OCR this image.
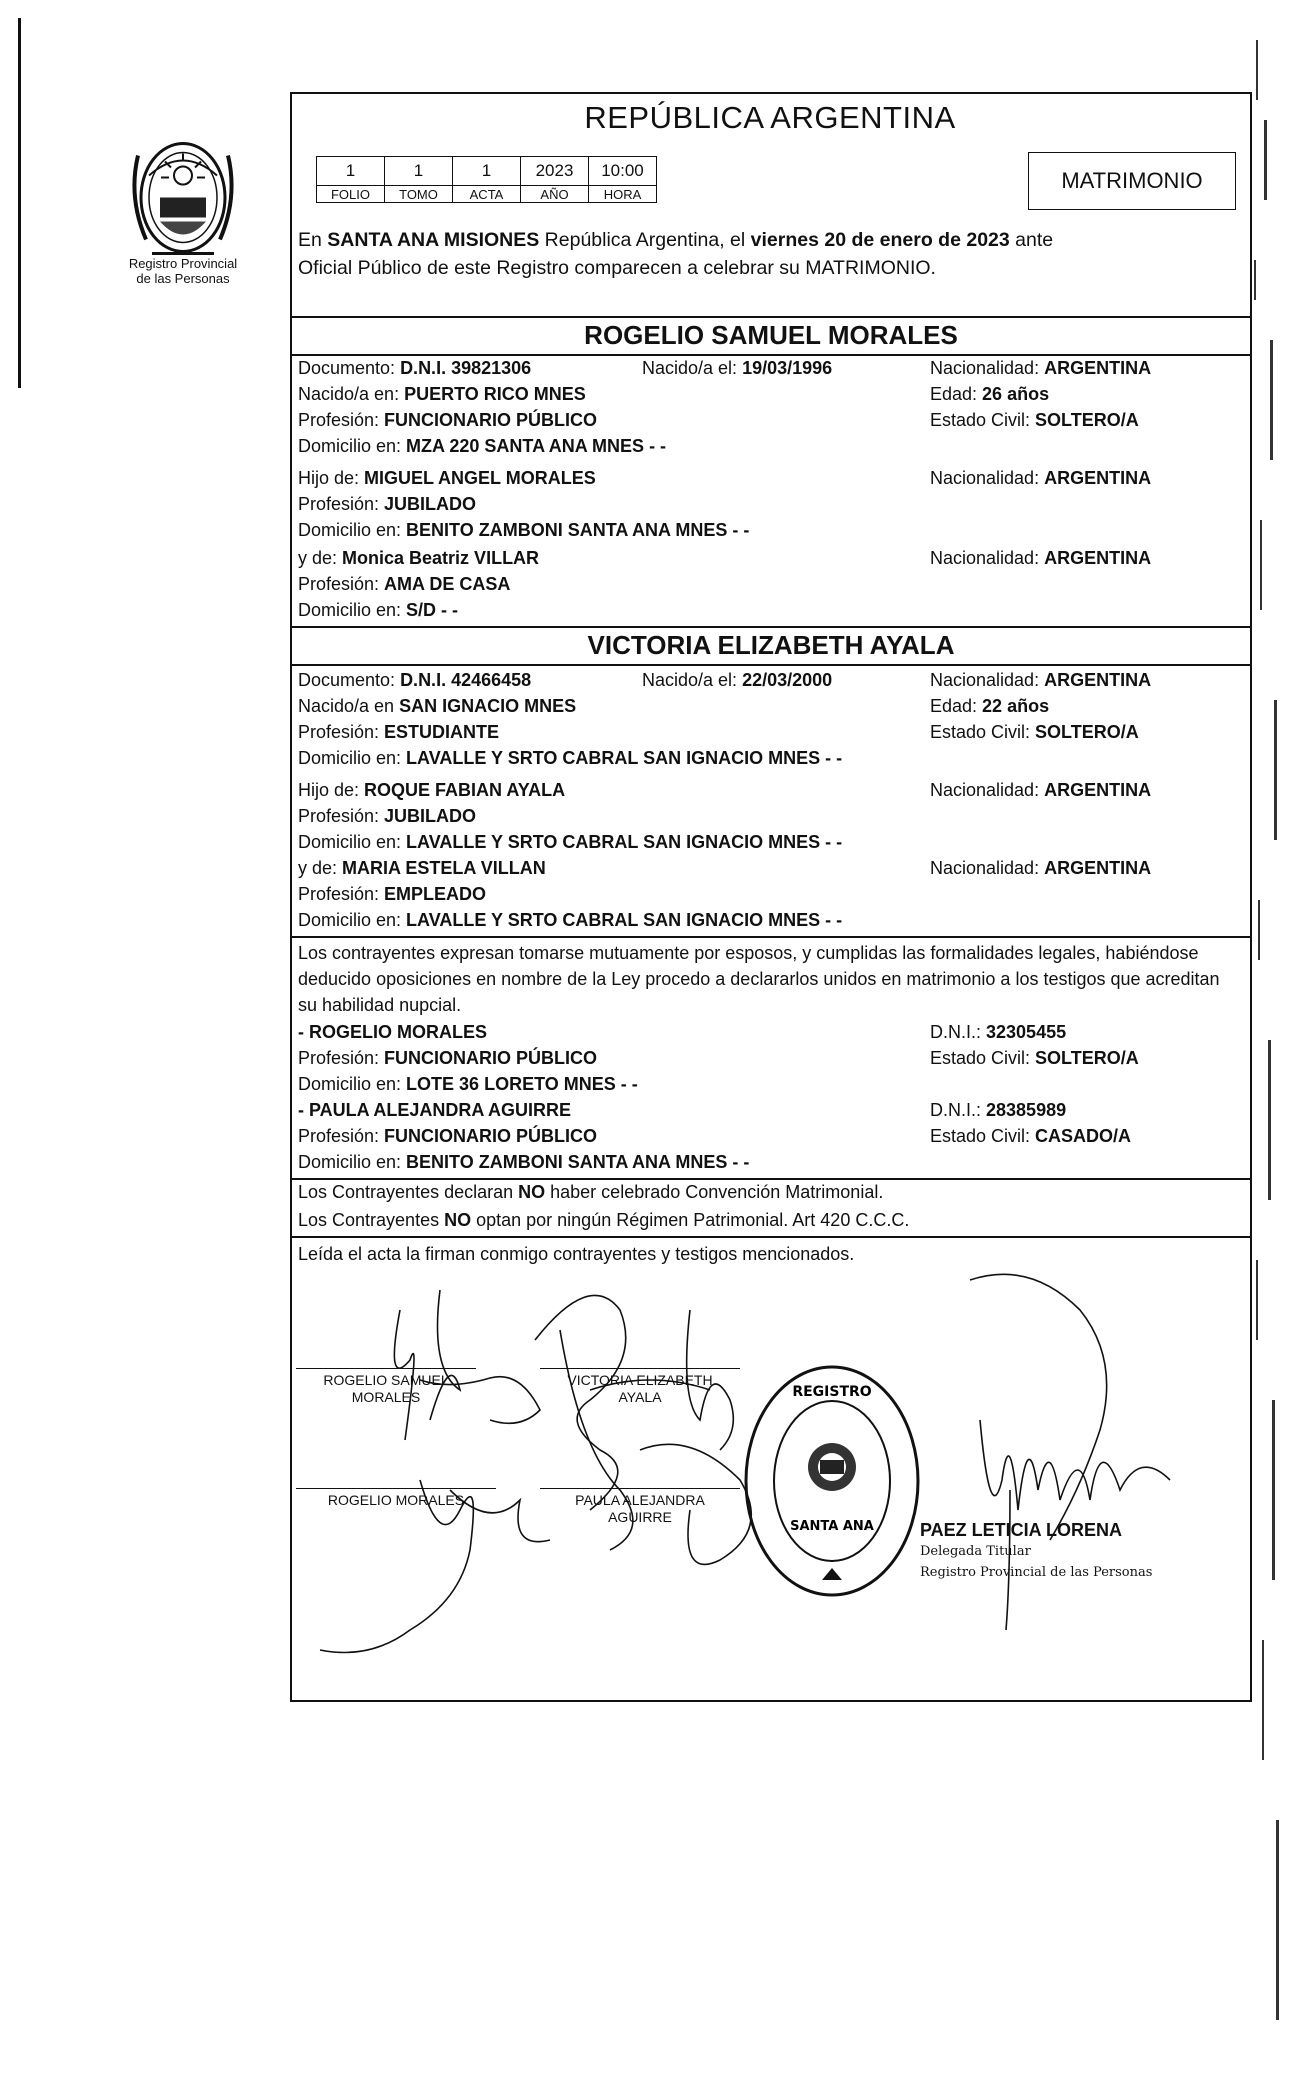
Registro Provincial
de las Personas
REPÚBLICA ARGENTINA
1	1	1	2023	10:00
FOLIO	TOMO	ACTA	AÑO	HORA
MATRIMONIO
En SANTA ANA MISIONES República Argentina, el viernes 20 de enero de 2023 ante
Oficial Público de este Registro comparecen a celebrar su MATRIMONIO.
ROGELIO SAMUEL MORALES
Documento: D.N.I. 39821306	Nacido/a el: 19/03/1996	Nacionalidad: ARGENTINA
Nacido/a en: PUERTO RICO MNES	Edad: 26 años
Profesión: FUNCIONARIO PÚBLICO	Estado Civil: SOLTERO/A
Domicilio en: MZA 220 SANTA ANA MNES - -
Hijo de: MIGUEL ANGEL MORALES	Nacionalidad: ARGENTINA
Profesión: JUBILADO
Domicilio en: BENITO ZAMBONI SANTA ANA MNES - -
y de: Monica Beatriz VILLAR	Nacionalidad: ARGENTINA
Profesión: AMA DE CASA
Domicilio en: S/D - -
VICTORIA ELIZABETH AYALA
Documento: D.N.I. 42466458	Nacido/a el: 22/03/2000	Nacionalidad: ARGENTINA
Nacido/a en SAN IGNACIO MNES	Edad: 22 años
Profesión: ESTUDIANTE	Estado Civil: SOLTERO/A
Domicilio en: LAVALLE Y SRTO CABRAL SAN IGNACIO MNES - -
Hijo de: ROQUE FABIAN AYALA	Nacionalidad: ARGENTINA
Profesión: JUBILADO
Domicilio en: LAVALLE Y SRTO CABRAL SAN IGNACIO MNES - -
y de: MARIA ESTELA VILLAN	Nacionalidad: ARGENTINA
Profesión: EMPLEADO
Domicilio en: LAVALLE Y SRTO CABRAL SAN IGNACIO MNES - -
Los contrayentes expresan tomarse mutuamente por esposos, y cumplidas las formalidades legales, habiéndose deducido oposiciones en nombre de la Ley procedo a declararlos unidos en matrimonio a los testigos que acreditan su habilidad nupcial.
- ROGELIO MORALES	D.N.I.: 32305455
Profesión: FUNCIONARIO PÚBLICO	Estado Civil: SOLTERO/A
Domicilio en: LOTE 36 LORETO MNES - -
- PAULA ALEJANDRA AGUIRRE	D.N.I.: 28385989
Profesión: FUNCIONARIO PÚBLICO	Estado Civil: CASADO/A
Domicilio en: BENITO ZAMBONI SANTA ANA MNES - -
Los Contrayentes declaran NO haber celebrado Convención Matrimonial.
Los Contrayentes NO optan por ningún Régimen Patrimonial. Art 420 C.C.C.
Leída el acta la firman conmigo contrayentes y testigos mencionados.
ROGELIO SAMUEL
MORALES
VICTORIA ELIZABETH
AYALA
ROGELIO MORALES	PAULA ALEJANDRA
AGUIRRE
REGISTRO
SANTA ANA	PAEZ LETICIA LORENA
Delegada Titular
Registro Provincial de las Personas
